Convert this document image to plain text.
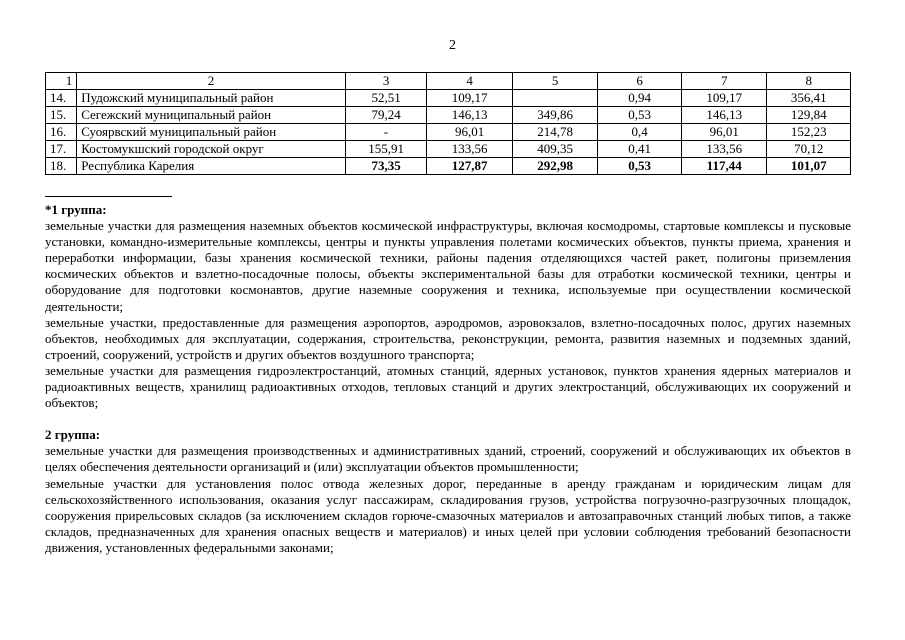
2
1	2	3	4	5	6	7	8
14.	Пудожский муниципальный район	52,51	109,17		0,94	109,17	356,41
15.	Сегежский муниципальный район	79,24	146,13	349,86	0,53	146,13	129,84
16.	Суоярвский муниципальный район	-	96,01	214,78	0,4	96,01	152,23
17.	Костомукшский городской округ	155,91	133,56	409,35	0,41	133,56	70,12
18.	Республика Карелия	73,35	127,87	292,98	0,53	117,44	101,07

*1 группа:

земельные участки для размещения наземных объектов космической инфраструктуры, включая космодромы, стартовые комплексы и пусковые установки, командно-измерительные комплексы, центры и пункты управления полетами космических объектов, пункты приема, хранения и переработки информации, базы хранения космической техники, районы падения отделяющихся частей ракет, полигоны приземления космических объектов и взлетно-посадочные полосы, объекты экспериментальной базы для отработки космической техники, центры и оборудование для подготовки космонавтов, другие наземные сооружения и техника, используемые при осуществлении космической деятельности;

земельные участки, предоставленные для размещения аэропортов, аэродромов, аэровокзалов, взлетно-посадочных полос, других наземных объектов, необходимых для эксплуатации, содержания, строительства, реконструкции, ремонта, развития наземных и подземных зданий, строений, сооружений, устройств и других объектов воздушного транспорта;

земельные участки для размещения гидроэлектростанций, атомных станций, ядерных установок, пунктов хранения ядерных материалов и радиоактивных веществ, хранилищ радиоактивных отходов, тепловых станций и других электростанций, обслуживающих их сооружений и объектов;

2 группа:

земельные участки для размещения производственных и административных зданий, строений, сооружений и обслуживающих их объектов в целях обеспечения деятельности организаций и (или) эксплуатации объектов промышленности;

земельные участки для установления полос отвода железных дорог, переданные в аренду гражданам и юридическим лицам для сельскохозяйственного использования, оказания услуг пассажирам, складирования грузов, устройства погрузочно-разгрузочных площадок, сооружения прирельсовых складов (за исключением складов горюче-смазочных материалов и автозаправочных станций любых типов, а также складов, предназначенных для хранения опасных веществ и материалов) и иных целей при условии соблюдения требований безопасности движения, установленных федеральными законами;
